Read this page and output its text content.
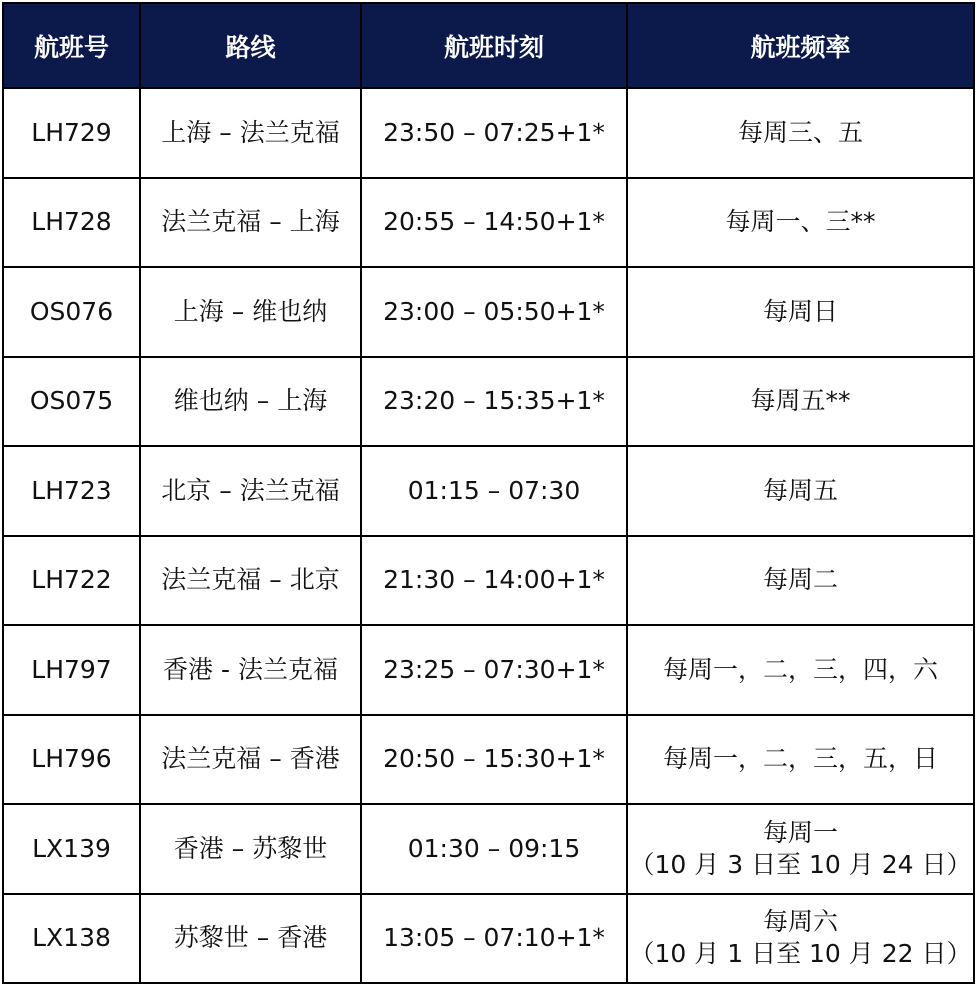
航班号	路线	航班时刻	航班频率
LH729	上海 – 法兰克福	23:50 – 07:25+1*	每周三、五

LH728	法兰克福 – 上海	20:55 – 14:50+1*	每周一、三**

OS076	上海 – 维也纳	23:00 – 05:50+1*	每周日

OS075	维也纳 – 上海	23:20 – 15:35+1*	每周五**

LH723	北京 – 法兰克福	01:15 – 07:30	每周五

LH722	法兰克福 – 北京	21:30 – 14:00+1*	每周二

LH797	香港 - 法兰克福	23:25 – 07:30+1*	每周一，二，三，四，六

LH796	法兰克福 – 香港	20:50 – 15:30+1*	每周一，二，三，五，日

LX139	香港 – 苏黎世	01:30 – 09:15	每周一
（10 月 3 日至 10 月 24 日）

LX138	苏黎世 – 香港	13:05 – 07:10+1*	每周六
（10 月 1 日至 10 月 22 日）
